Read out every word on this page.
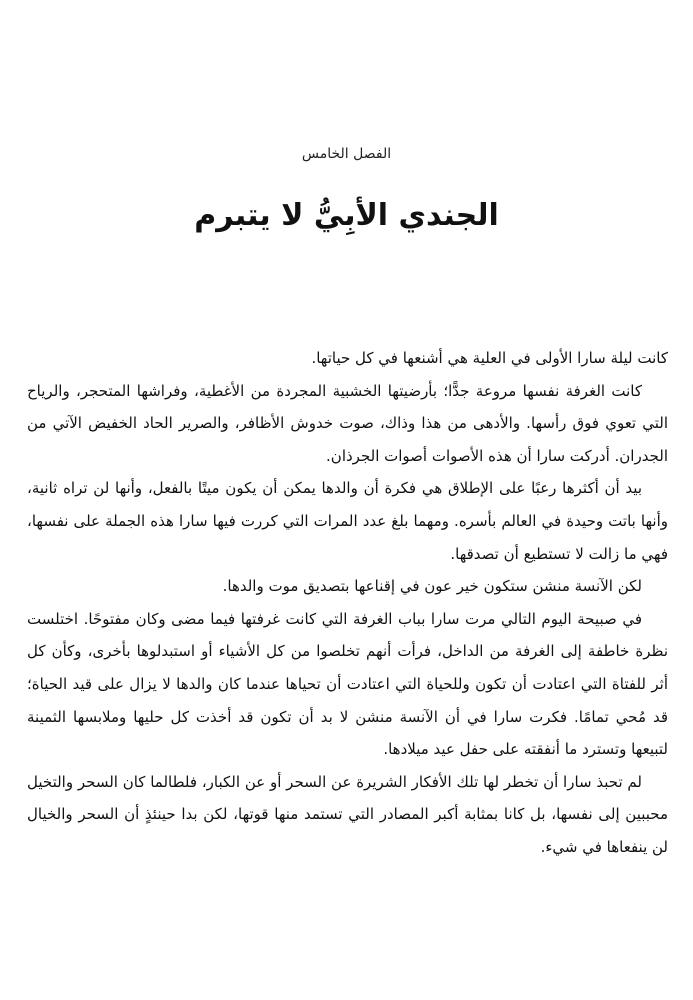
الفصل الخامس
الجندي الأبِيُّ لا يتبرم

كانت ليلة سارا الأولى في العلية هي أشنعها في كل حياتها.

كانت الغرفة نفسها مروعة جدًّا؛ بأرضيتها الخشبية المجردة من الأغطية، وفراشها المتحجر، والرياح التي تعوي فوق رأسها. والأدهى من هذا وذاك، صوت خدوش الأظافر، والصرير الحاد الخفيض الآتي من الجدران. أدركت سارا أن هذه الأصوات أصوات الجرذان.

بيد أن أكثرها رعبًا على الإطلاق هي فكرة أن والدها يمكن أن يكون ميتًا بالفعل، وأنها لن تراه ثانية، وأنها باتت وحيدة في العالم بأسره. ومهما بلغ عدد المرات التي كررت فيها سارا هذه الجملة على نفسها، فهي ما زالت لا تستطيع أن تصدقها.

لكن الآنسة منشن ستكون خير عون في إقناعها بتصديق موت والدها.

في صبيحة اليوم التالي مرت سارا بباب الغرفة التي كانت غرفتها فيما مضى وكان مفتوحًا. اختلست نظرة خاطفة إلى الغرفة من الداخل، فرأت أنهم تخلصوا من كل الأشياء أو استبدلوها بأخرى، وكأن كل أثر للفتاة التي اعتادت أن تكون وللحياة التي اعتادت أن تحياها عندما كان والدها لا يزال على قيد الحياة؛ قد مُحي تمامًا. فكرت سارا في أن الآنسة منشن لا بد أن تكون قد أخذت كل حليها وملابسها الثمينة لتبيعها وتسترد ما أنفقته على حفل عيد ميلادها.

لم تحبذ سارا أن تخطر لها تلك الأفكار الشريرة عن السحر أو عن الكبار، فلطالما كان السحر والتخيل محببين إلى نفسها، بل كانا بمثابة أكبر المصادر التي تستمد منها قوتها، لكن بدا حينئذٍ أن السحر والخيال لن ينفعاها في شيء.
